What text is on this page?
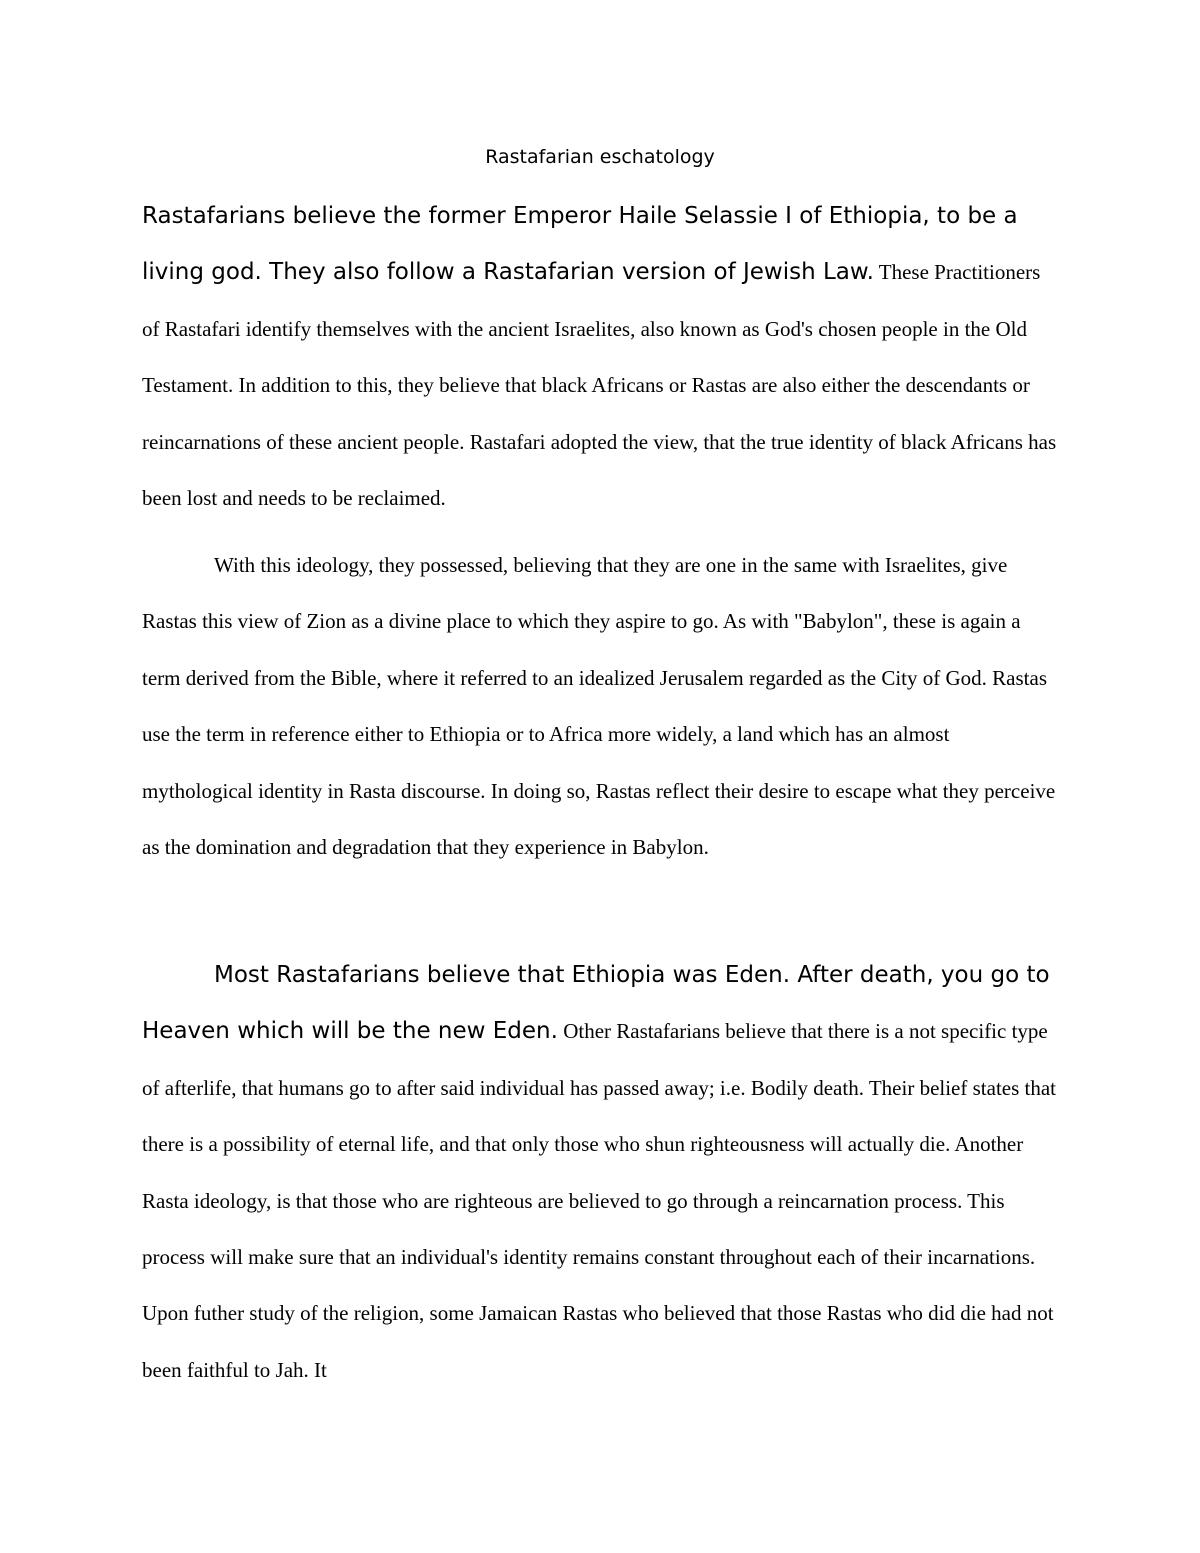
Rastafarian eschatology

Rastafarians believe the former Emperor Haile Selassie I of Ethiopia, to be a living god. They also follow a Rastafarian version of Jewish Law. These Practitioners of Rastafari identify themselves with the ancient Israelites, also known as God's chosen people in the Old Testament. In addition to this, they believe that black Africans or Rastas are also either the descendants or reincarnations of these ancient people. Rastafari adopted the view, that the true identity of black Africans has been lost and needs to be reclaimed.

With this ideology, they possessed, believing that they are one in the same with Israelites, give Rastas this view of Zion as a divine place to which they aspire to go. As with "Babylon", these is again a term derived from the Bible, where it referred to an idealized Jerusalem regarded as the City of God. Rastas use the term in reference either to Ethiopia or to Africa more widely, a land which has an almost mythological identity in Rasta discourse. In doing so, Rastas reflect their desire to escape what they perceive as the domination and degradation that they experience in Babylon.

Most Rastafarians believe that Ethiopia was Eden. After death, you go to Heaven which will be the new Eden. Other Rastafarians believe that there is a not specific type of afterlife, that humans go to after said individual has passed away; i.e. Bodily death. Their belief states that there is a possibility of eternal life, and that only those who shun righteousness will actually die. Another Rasta ideology, is that those who are righteous are believed to go through a reincarnation process. This process will make sure that an individual's identity remains constant throughout each of their incarnations. Upon futher study of the religion, some Jamaican Rastas who believed that those Rastas who did die had not been faithful to Jah. It
